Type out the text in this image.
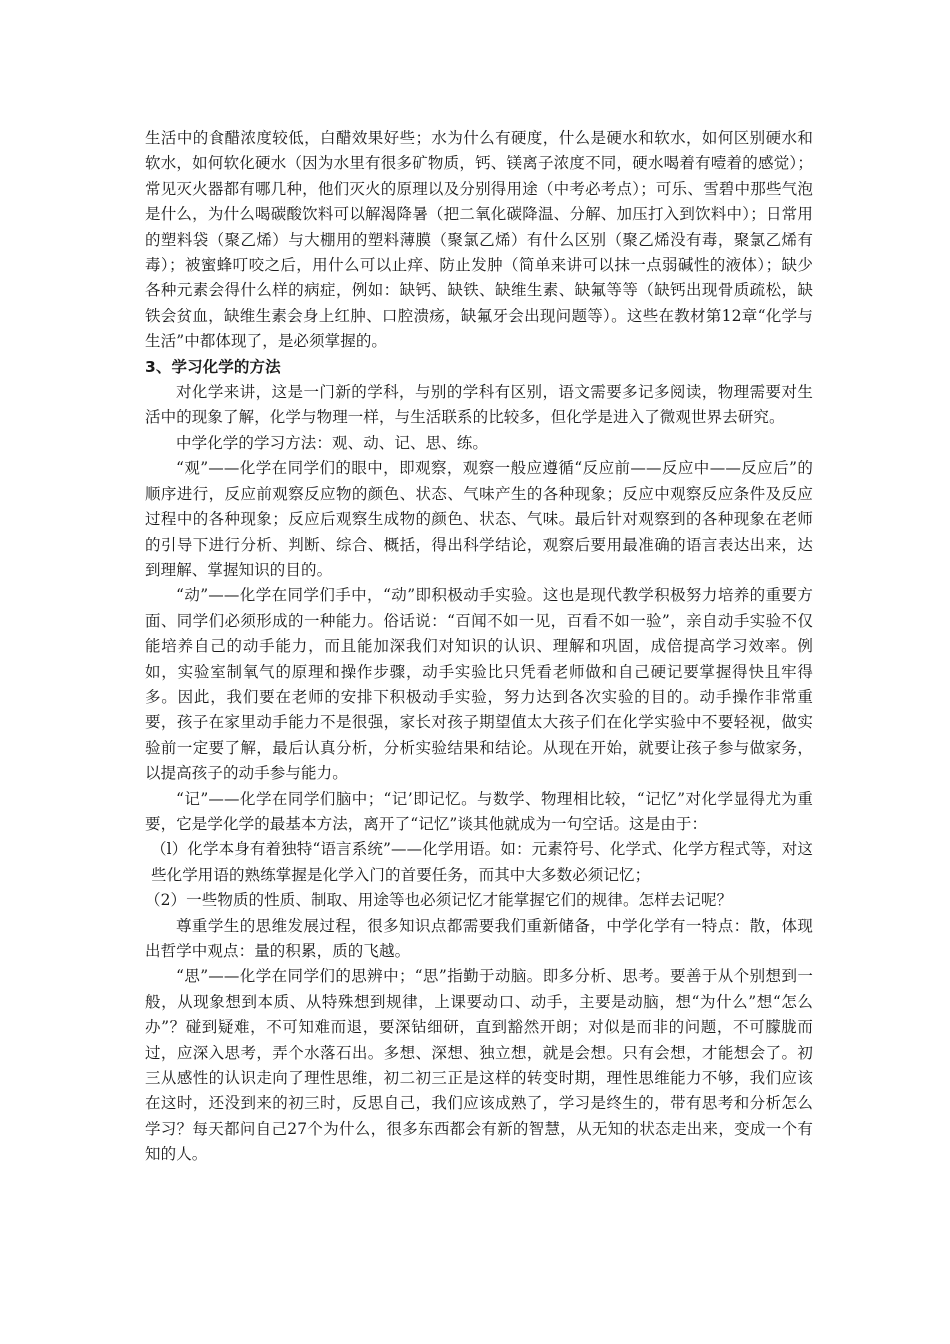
生活中的食醋浓度较低，白醋效果好些；水为什么有硬度，什么是硬水和软水，如何区别硬水和软水，如何软化硬水（因为水里有很多矿物质，钙、镁离子浓度不同，硬水喝着有噎着的感觉）；常见灭火器都有哪几种，他们灭火的原理以及分别得用途（中考必考点）；可乐、雪碧中那些气泡是什么，为什么喝碳酸饮料可以解渴降暑（把二氧化碳降温、分解、加压打入到饮料中）；日常用的塑料袋（聚乙烯）与大棚用的塑料薄膜（聚氯乙烯）有什么区别（聚乙烯没有毒，聚氯乙烯有毒）；被蜜蜂叮咬之后，用什么可以止痒、防止发肿（简单来讲可以抹一点弱碱性的液体）；缺少各种元素会得什么样的病症，例如：缺钙、缺铁、缺维生素、缺氟等等（缺钙出现骨质疏松，缺铁会贫血，缺维生素会身上红肿、口腔溃疡，缺氟牙会出现问题等）。这些在教材第12章“化学与生活”中都体现了，是必须掌握的。

3、学习化学的方法

对化学来讲，这是一门新的学科，与别的学科有区别，语文需要多记多阅读，物理需要对生活中的现象了解，化学与物理一样，与生活联系的比较多，但化学是进入了微观世界去研究。

中学化学的学习方法：观、动、记、思、练。

“观”——化学在同学们的眼中，即观察，观察一般应遵循“反应前——反应中——反应后”的顺序进行，反应前观察反应物的颜色、状态、气味产生的各种现象；反应中观察反应条件及反应过程中的各种现象；反应后观察生成物的颜色、状态、气味。最后针对观察到的各种现象在老师的引导下进行分析、判断、综合、概括，得出科学结论，观察后要用最准确的语言表达出来，达到理解、掌握知识的目的。

“动”——化学在同学们手中，“动”即积极动手实验。这也是现代教学积极努力培养的重要方面、同学们必须形成的一种能力。俗话说：“百闻不如一见，百看不如一验”，亲自动手实验不仅能培养自己的动手能力，而且能加深我们对知识的认识、理解和巩固，成倍提高学习效率。例如，实验室制氧气的原理和操作步骤，动手实验比只凭看老师做和自己硬记要掌握得快且牢得多。因此，我们要在老师的安排下积极动手实验，努力达到各次实验的目的。动手操作非常重要，孩子在家里动手能力不是很强，家长对孩子期望值太大孩子们在化学实验中不要轻视，做实验前一定要了解，最后认真分析，分析实验结果和结论。从现在开始，就要让孩子参与做家务，以提高孩子的动手参与能力。

“记”——化学在同学们脑中；“记’即记忆。与数学、物理相比较，“记忆”对化学显得尤为重要，它是学化学的最基本方法，离开了“记忆”谈其他就成为一句空话。这是由于：

（l）化学本身有着独特“语言系统”——化学用语。如：元素符号、化学式、化学方程式等，对这些化学用语的熟练掌握是化学入门的首要任务，而其中大多数必须记忆；

（2）一些物质的性质、制取、用途等也必须记忆才能掌握它们的规律。怎样去记呢？

尊重学生的思维发展过程，很多知识点都需要我们重新储备，中学化学有一特点：散，体现出哲学中观点：量的积累，质的飞越。

“思”——化学在同学们的思辨中；“思”指勤于动脑。即多分析、思考。要善于从个别想到一般，从现象想到本质、从特殊想到规律，上课要动口、动手，主要是动脑，想“为什么”想“怎么办”？碰到疑难，不可知难而退，要深钻细研，直到豁然开朗；对似是而非的问题，不可朦胧而过，应深入思考，弄个水落石出。多想、深想、独立想，就是会想。只有会想，才能想会了。初三从感性的认识走向了理性思维，初二初三正是这样的转变时期，理性思维能力不够，我们应该在这时，还没到来的初三时，反思自己，我们应该成熟了，学习是终生的，带有思考和分析怎么学习？每天都问自己27个为什么，很多东西都会有新的智慧，从无知的状态走出来，变成一个有知的人。
